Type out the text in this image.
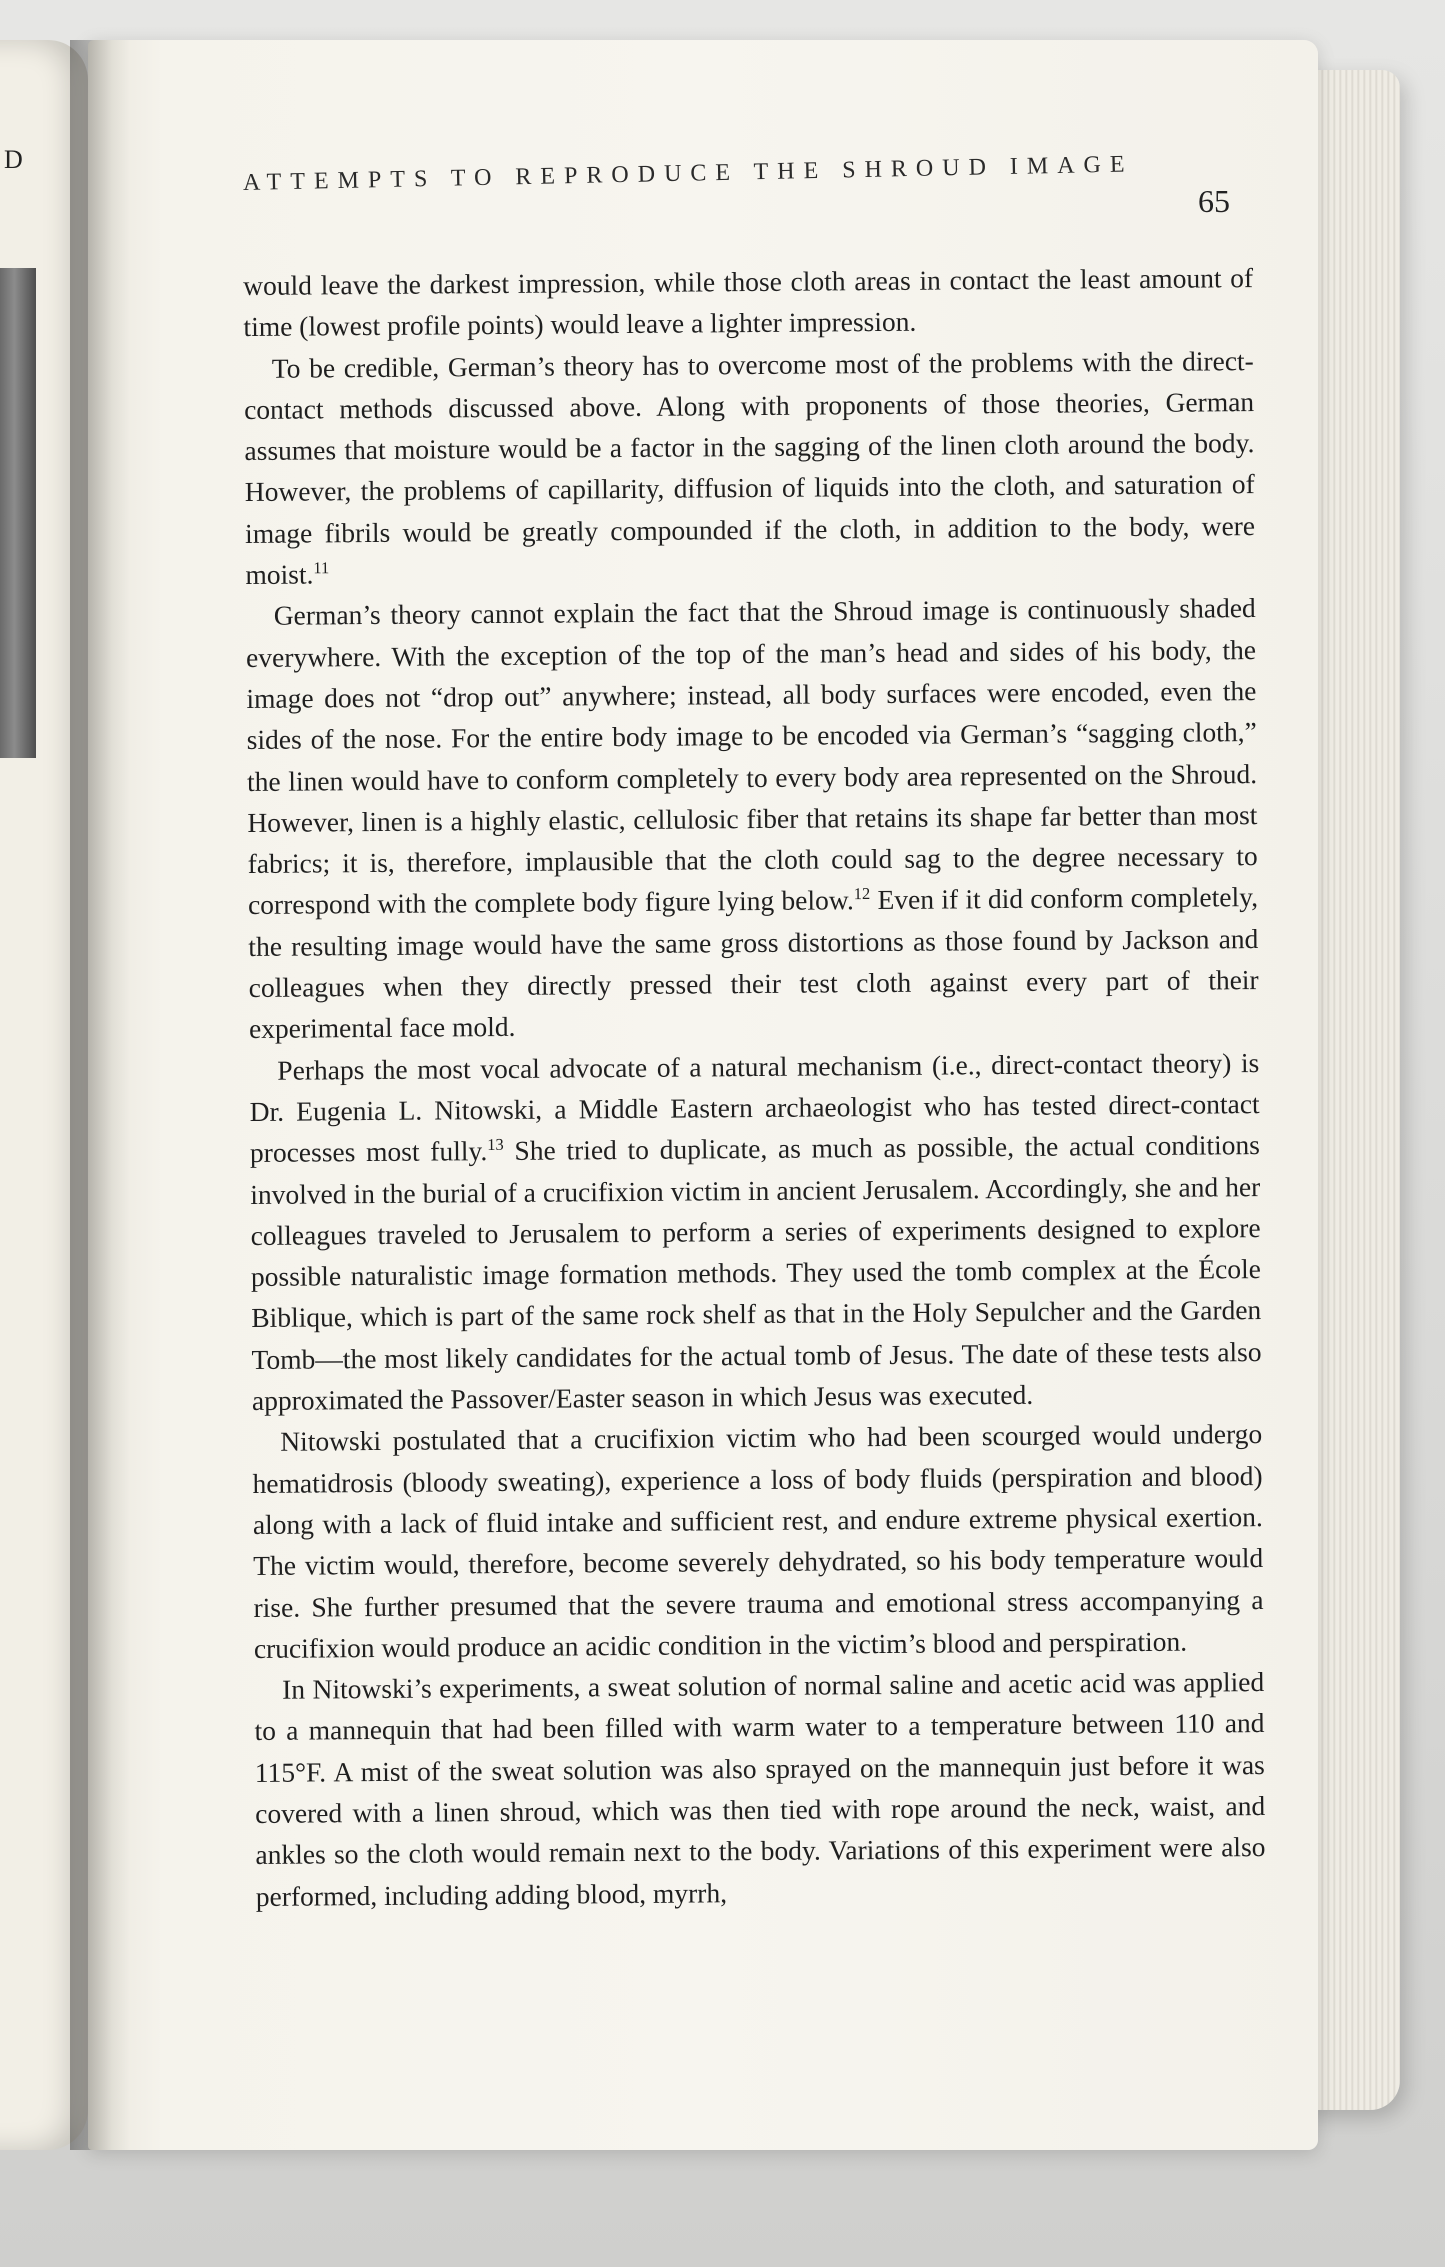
D	ATTEMPTS TO REPRODUCE THE SHROUD IMAGE
65

would leave the darkest impression, while those cloth areas in contact the least amount of time (lowest profile points) would leave a lighter impression.

To be credible, German’s theory has to overcome most of the problems with the direct-contact methods discussed above. Along with proponents of those theories, German assumes that moisture would be a factor in the sagging of the linen cloth around the body. However, the problems of capillarity, diffusion of liquids into the cloth, and saturation of image fibrils would be greatly compounded if the cloth, in addition to the body, were moist.$^{11}$

German’s theory cannot explain the fact that the Shroud image is continuously shaded everywhere. With the exception of the top of the man’s head and sides of his body, the image does not “drop out” anywhere; instead, all body surfaces were encoded, even the sides of the nose. For the entire body image to be encoded via German’s “sagging cloth,” the linen would have to conform completely to every body area represented on the Shroud. However, linen is a highly elastic, cellulosic fiber that retains its shape far better than most fabrics; it is, therefore, implausible that the cloth could sag to the degree necessary to correspond with the complete body figure lying below.$^{12}$ Even if it did conform completely, the resulting image would have the same gross distortions as those found by Jackson and colleagues when they directly pressed their test cloth against every part of their experimental face mold.

Perhaps the most vocal advocate of a natural mechanism (i.e., direct-contact theory) is Dr. Eugenia L. Nitowski, a Middle Eastern archaeologist who has tested direct-contact processes most fully.$^{13}$ She tried to duplicate, as much as possible, the actual conditions involved in the burial of a crucifixion victim in ancient Jerusalem. Accordingly, she and her colleagues traveled to Jerusalem to perform a series of experiments designed to explore possible naturalistic image formation methods. They used the tomb complex at the École Biblique, which is part of the same rock shelf as that in the Holy Sepulcher and the Garden Tomb—the most likely candidates for the actual tomb of Jesus. The date of these tests also approximated the Passover/Easter season in which Jesus was executed.

Nitowski postulated that a crucifixion victim who had been scourged would undergo hematidrosis (bloody sweating), experience a loss of body fluids (perspiration and blood) along with a lack of fluid intake and sufficient rest, and endure extreme physical exertion. The victim would, therefore, become severely dehydrated, so his body temperature would rise. She further presumed that the severe trauma and emotional stress accompanying a crucifixion would produce an acidic condition in the victim’s blood and perspiration.

In Nitowski’s experiments, a sweat solution of normal saline and acetic acid was applied to a mannequin that had been filled with warm water to a temperature between 110 and 115°F. A mist of the sweat solution was also sprayed on the mannequin just before it was covered with a linen shroud, which was then tied with rope around the neck, waist, and ankles so the cloth would remain next to the body. Variations of this experiment were also performed, including adding blood, myrrh,
